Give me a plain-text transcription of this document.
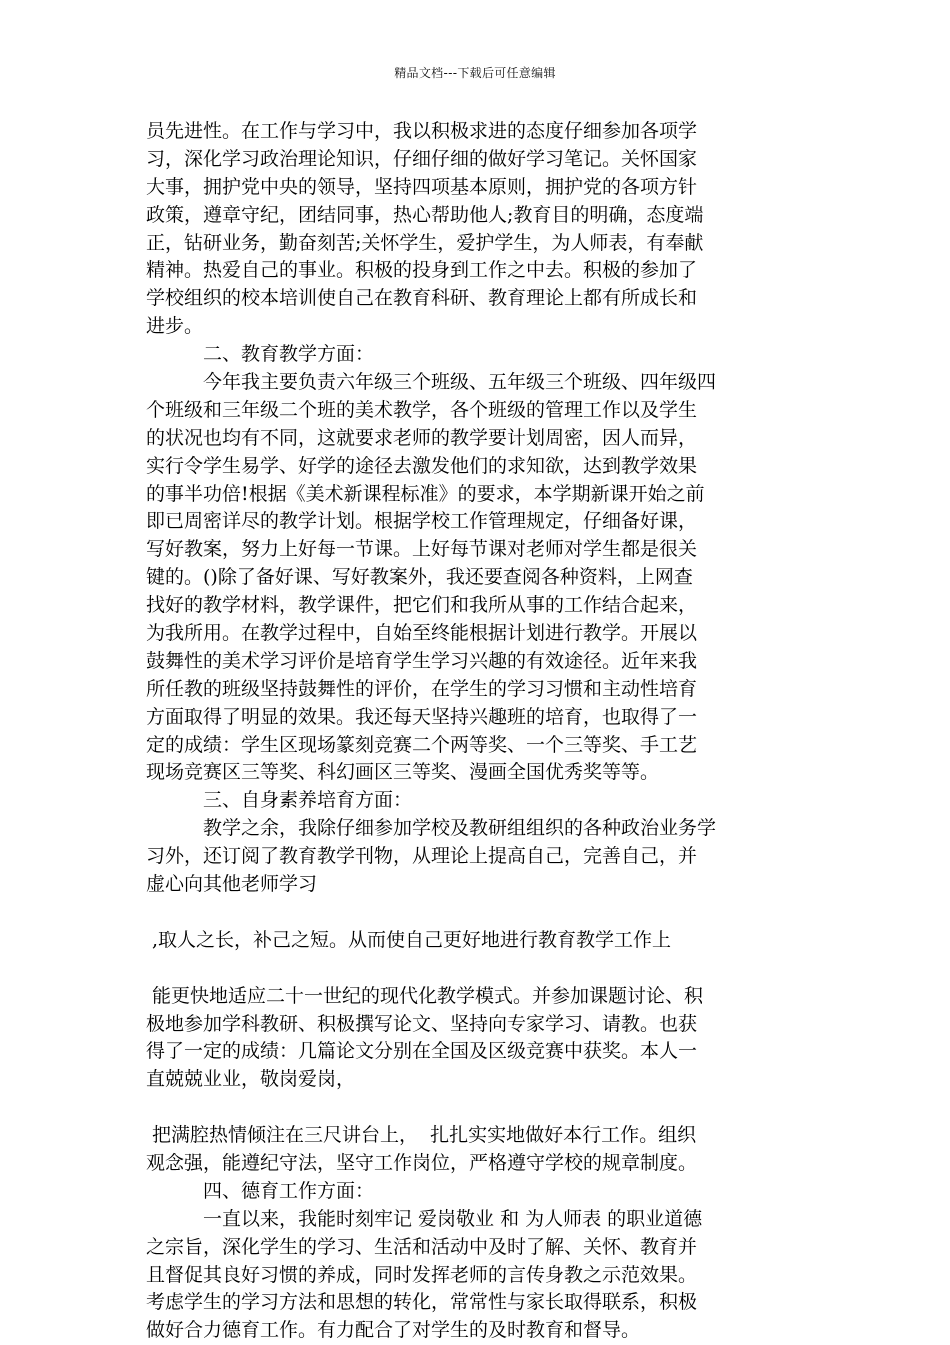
精品文档---下载后可任意编辑
员先进性。在工作与学习中，我以积极求进的态度仔细参加各项学
习，深化学习政治理论知识，仔细仔细的做好学习笔记。关怀国家
大事，拥护党中央的领导，坚持四项基本原则，拥护党的各项方针
政策，遵章守纪，团结同事，热心帮助他人;教育目的明确，态度端
正，钻研业务，勤奋刻苦;关怀学生，爱护学生，为人师表，有奉献
精神。热爱自己的事业。积极的投身到工作之中去。积极的参加了
学校组织的校本培训使自己在教育科研、教育理论上都有所成长和
进步。
二、教育教学方面：
今年我主要负责六年级三个班级、五年级三个班级、四年级四
个班级和三年级二个班的美术教学，各个班级的管理工作以及学生
的状况也均有不同，这就要求老师的教学要计划周密，因人而异，
实行令学生易学、好学的途径去激发他们的求知欲，达到教学效果
的事半功倍!根据《美术新课程标准》的要求，本学期新课开始之前
即已周密详尽的教学计划。根据学校工作管理规定，仔细备好课，
写好教案，努力上好每一节课。上好每节课对老师对学生都是很关
键的。()除了备好课、写好教案外，我还要查阅各种资料，上网查
找好的教学材料，教学课件，把它们和我所从事的工作结合起来，
为我所用。在教学过程中，自始至终能根据计划进行教学。开展以
鼓舞性的美术学习评价是培育学生学习兴趣的有效途径。近年来我
所任教的班级坚持鼓舞性的评价，在学生的学习习惯和主动性培育
方面取得了明显的效果。我还每天坚持兴趣班的培育，也取得了一
定的成绩：学生区现场篆刻竞赛二个两等奖、一个三等奖、手工艺
现场竞赛区三等奖、科幻画区三等奖、漫画全国优秀奖等等。
三、自身素养培育方面：
教学之余，我除仔细参加学校及教研组组织的各种政治业务学
习外，还订阅了教育教学刊物，从理论上提高自己，完善自己，并
虚心向其他老师学习
,取人之长，补己之短。从而使自己更好地进行教育教学工作上
能更快地适应二十一世纪的现代化教学模式。并参加课题讨论、积
极地参加学科教研、积极撰写论文、坚持向专家学习、请教。也获
得了一定的成绩：几篇论文分别在全国及区级竞赛中获奖。本人一
直兢兢业业，敬岗爱岗，
把满腔热情倾注在三尺讲台上，  扎扎实实地做好本行工作。组织
观念强，能遵纪守法，坚守工作岗位，严格遵守学校的规章制度。
四、德育工作方面：
一直以来，我能时刻牢记 爱岗敬业 和 为人师表 的职业道德
之宗旨，深化学生的学习、生活和活动中及时了解、关怀、教育并
且督促其良好习惯的养成，同时发挥老师的言传身教之示范效果。
考虑学生的学习方法和思想的转化，常常性与家长取得联系，积极
做好合力德育工作。有力配合了对学生的及时教育和督导。
